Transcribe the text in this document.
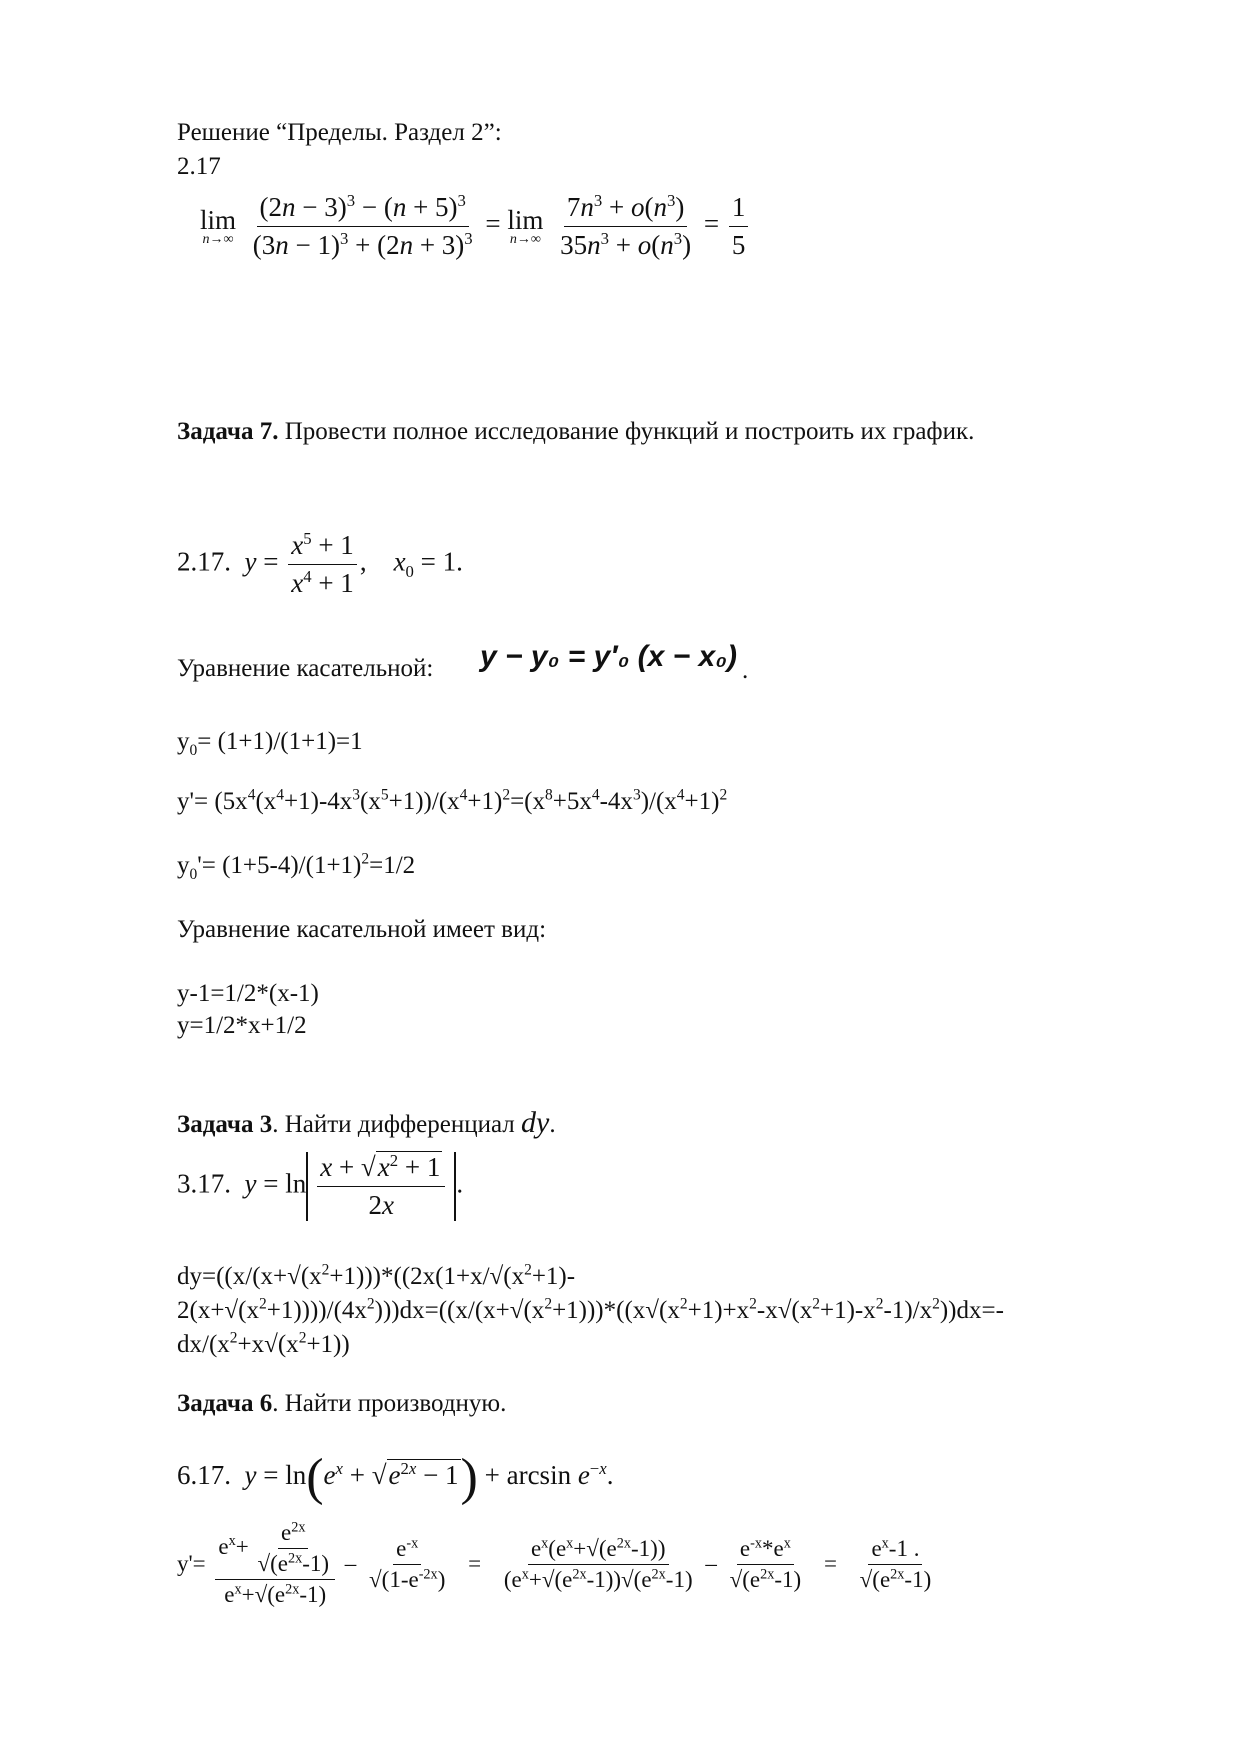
Решение “Пределы. Раздел 2”:
2.17
lim
n→∞
$\frac{(2n - 3)^3 - (n + 5)^3}{(3n - 1)^3 + (2n + 3)^3} = \lim$
n→∞
$\frac{7n^3 + o(n^3)}{35n^3 + o(n^3)} = \frac{1}{5}$
Задача 7. Провести полное исследование функций и построить их график.
2.17. $y = \frac{x^5 + 1}{x^4 + 1}$ ,    $x_0 = 1$.
Уравнение касательной: y − y₀ = y′₀ (x − x₀) .
$y_0= (1+1)/(1+1)=1$
$y'= (5x^4(x^4+1)-4x^3(x^5+1))/(x^4+1)^2=(x^8+5x^4-4x^3)/(x^4+1)^2$
$y_0'= (1+5-4)/(1+1)^2=1/2$
Уравнение касательной имеет вид:
y-1=1/2*(x-1)
y=1/2*x+1/2
Задача 3. Найти дифференциал dy.
3.17. $y = \ln \frac{x + √x^2 + 1}{2x}$ .
$dy=((x/(x+√(x^2+1)))*((2x(1+x/√(x^2+1)-$
$2(x+√(x^2+1))))/(4x^2)))dx=((x/(x+√(x^2+1)))*((x√(x^2+1)+x^2-x√(x^2+1)-x^2-1)/x^2))dx=-$
$dx/(x^2+x√(x^2+1))$
Задача 6. Найти производную.
6.17. $y = \ln(e^x + √e^{2x} - 1) + \arcsin e^{-x}$.
$y'= \frac{e^x+ \frac{e^{2x}}{√(e^{2x}-1)}}{e^x+√(e^{2x}-1)} - \frac{e^{-x}}{√(1-e^{-2x})} = \frac{e^x(e^x+√(e^{2x}-1))}{(e^x+√(e^{2x}-1))√(e^{2x}-1)} - \frac{e^{-x}*e^x}{√(e^{2x}-1)} = \frac{e^x-1 .}{√(e^{2x}-1)}$
